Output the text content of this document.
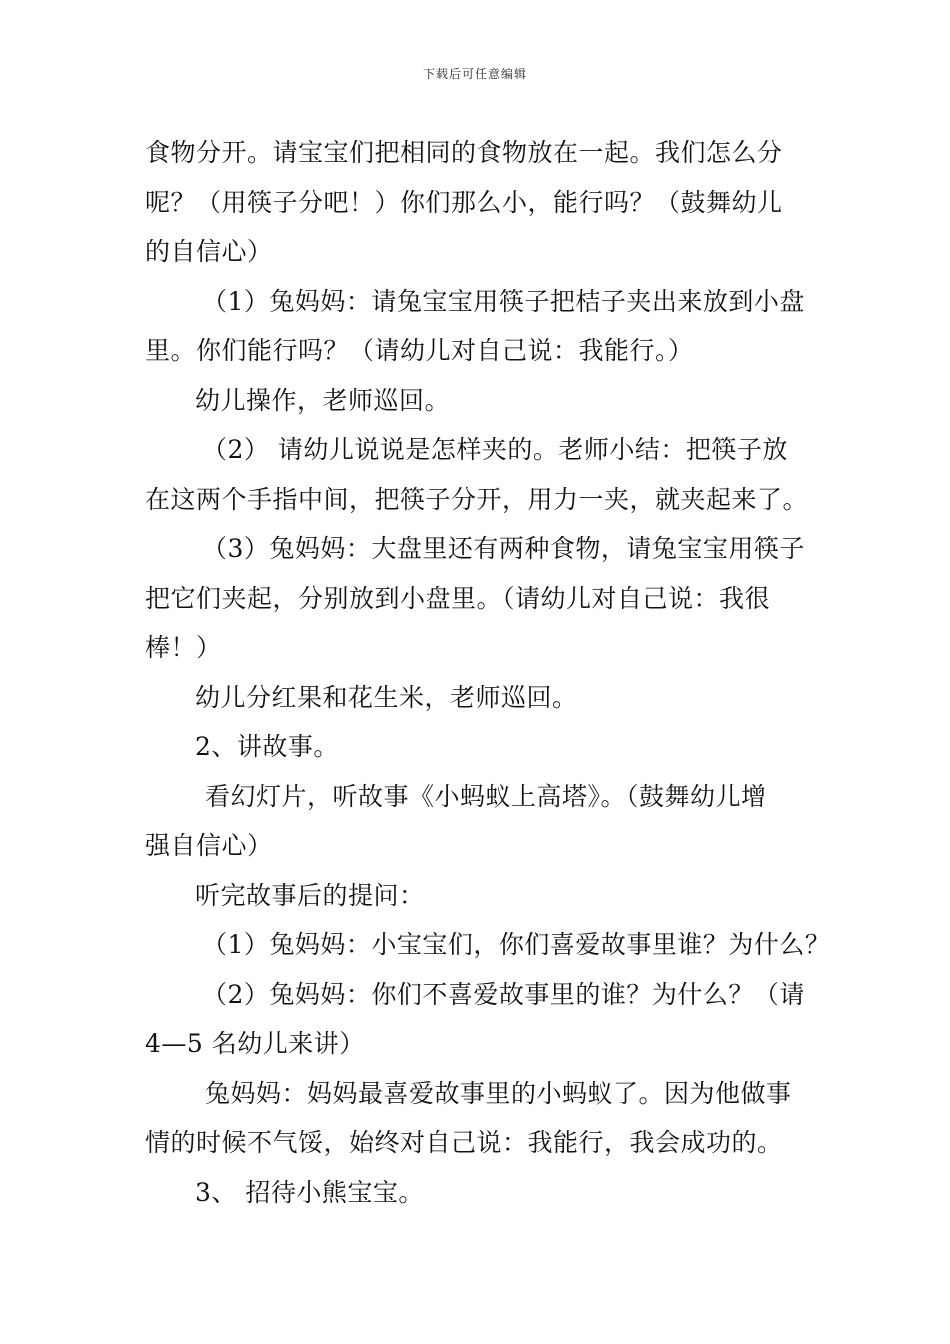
下载后可任意编辑
食物分开。请宝宝们把相同的食物放在一起。我们怎么分
呢？（用筷子分吧！）你们那么小，能行吗？（鼓舞幼儿
的自信心）
（1）兔妈妈：请兔宝宝用筷子把桔子夹出来放到小盘
里。你们能行吗？（请幼儿对自己说：我能行。）
幼儿操作，老师巡回。
（2） 请幼儿说说是怎样夹的。老师小结：把筷子放
在这两个手指中间，把筷子分开，用力一夹，就夹起来了。
（3）兔妈妈：大盘里还有两种食物，请兔宝宝用筷子
把它们夹起，分别放到小盘里。（请幼儿对自己说：我很
棒！）
幼儿分红果和花生米，老师巡回。
2、讲故事。
看幻灯片，听故事《小蚂蚁上高塔》。（鼓舞幼儿增
强自信心）
听完故事后的提问：
（1）兔妈妈：小宝宝们，你们喜爱故事里谁？为什么？
（2）兔妈妈：你们不喜爱故事里的谁？为什么？（请
4—5 名幼儿来讲）
兔妈妈：妈妈最喜爱故事里的小蚂蚁了。因为他做事
情的时候不气馁，始终对自己说：我能行，我会成功的。
3、 招待小熊宝宝。
